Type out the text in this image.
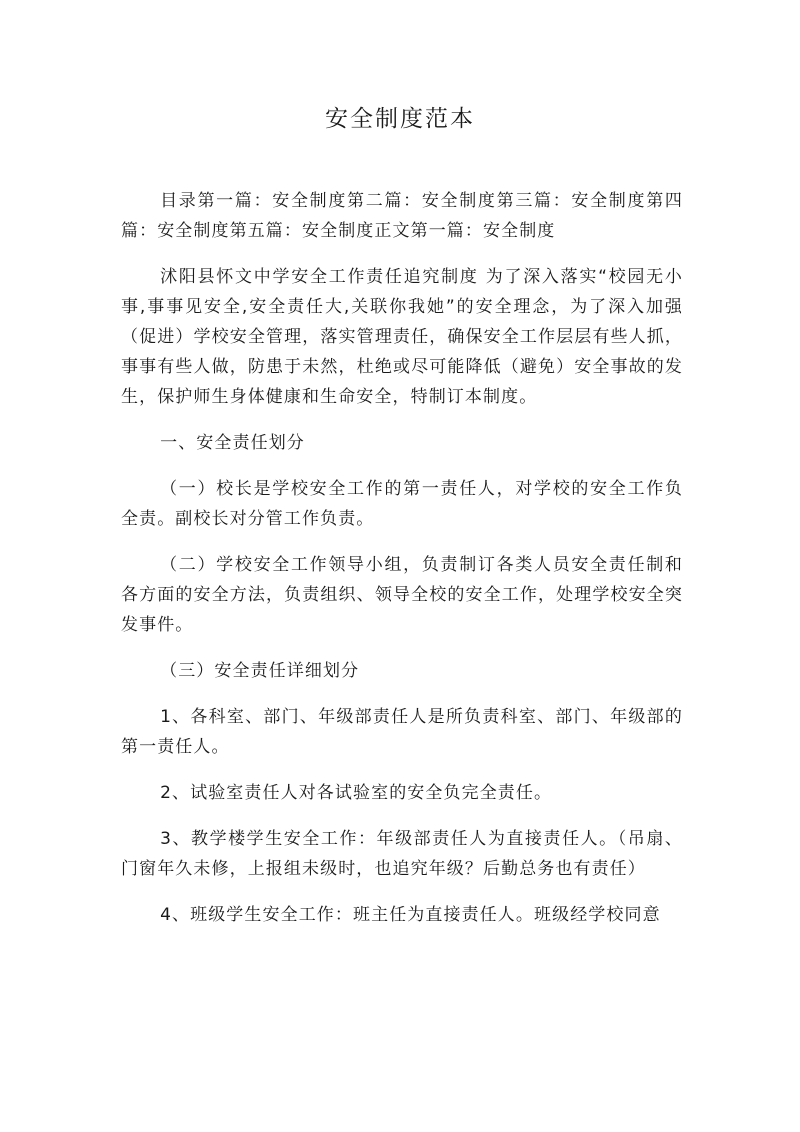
安全制度范本

目录第一篇：安全制度第二篇：安全制度第三篇：安全制度第四篇：安全制度第五篇：安全制度正文第一篇：安全制度

沭阳县怀文中学安全工作责任追究制度 为了深入落实“校园无小事,事事见安全,安全责任大,关联你我她”的安全理念，为了深入加强（促进）学校安全管理，落实管理责任，确保安全工作层层有些人抓，事事有些人做，防患于未然，杜绝或尽可能降低（避免）安全事故的发生，保护师生身体健康和生命安全，特制订本制度。

一、安全责任划分

（一）校长是学校安全工作的第一责任人，对学校的安全工作负全责。副校长对分管工作负责。

（二）学校安全工作领导小组，负责制订各类人员安全责任制和各方面的安全方法，负责组织、领导全校的安全工作，处理学校安全突发事件。

（三）安全责任详细划分

1、各科室、部门、年级部责任人是所负责科室、部门、年级部的第一责任人。

2、试验室责任人对各试验室的安全负完全责任。

3、教学楼学生安全工作：年级部责任人为直接责任人。（吊扇、门窗年久未修，上报组未级时，也追究年级？后勤总务也有责任）

4、班级学生安全工作：班主任为直接责任人。班级经学校同意
